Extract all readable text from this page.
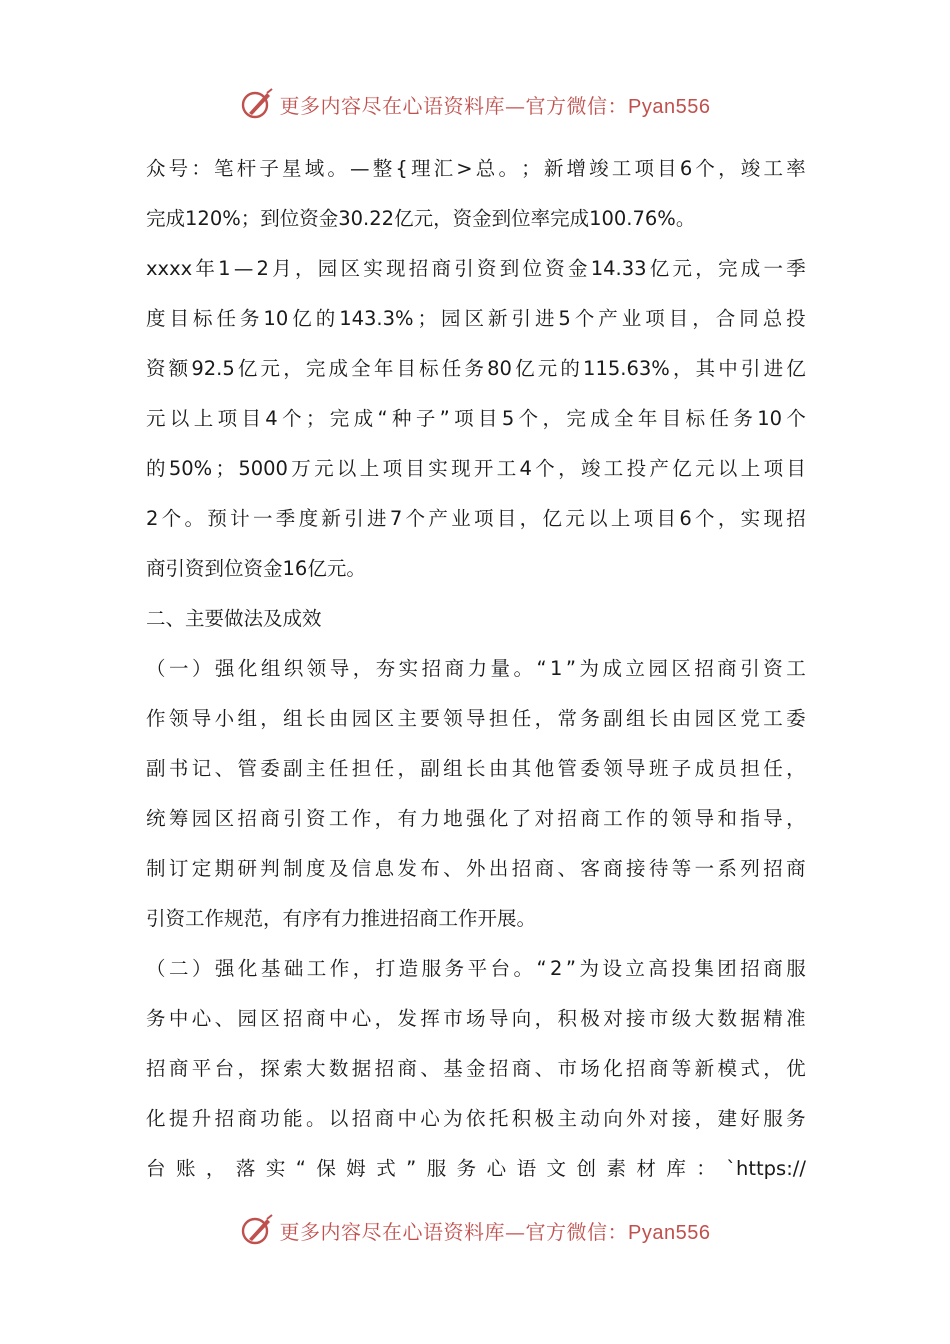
更多内容尽在心语资料库—官方微信：Pyan556
众 号 ： 笔 杆 子 星 域 。 — 整 { 理 汇 > 总 。 ； 新 增 竣 工 项 目 6 个 ， 竣 工 率
完成120%；到位资金30.22亿元，资金到位率完成100.76%。
xxxx 年 1 — 2 月 ， 园 区 实 现 招 商 引 资 到 位 资 金 14.33 亿 元 ， 完 成 一 季
度 目 标 任 务 10 亿 的 143.3% ； 园 区 新 引 进 5 个 产 业 项 目 ， 合 同 总 投
资 额 92.5 亿 元 ， 完 成 全 年 目 标 任 务 80 亿 元 的 115.63% ， 其 中 引 进 亿
元 以 上 项 目 4 个 ； 完 成 “ 种 子 ” 项 目 5 个 ， 完 成 全 年 目 标 任 务 10 个
的 50% ； 5000 万 元 以 上 项 目 实 现 开 工 4 个 ， 竣 工 投 产 亿 元 以 上 项 目
2 个 。 预 计 一 季 度 新 引 进 7 个 产 业 项 目 ， 亿 元 以 上 项 目 6 个 ， 实 现 招
商引资到位资金16亿元。
二、主要做法及成效
（ 一 ） 强 化 组 织 领 导 ， 夯 实 招 商 力 量 。 “ 1 ” 为 成 立 园 区 招 商 引 资 工
作 领 导 小 组 ， 组 长 由 园 区 主 要 领 导 担 任 ， 常 务 副 组 长 由 园 区 党 工 委
副 书 记 、 管 委 副 主 任 担 任 ， 副 组 长 由 其 他 管 委 领 导 班 子 成 员 担 任 ，
统 筹 园 区 招 商 引 资 工 作 ， 有 力 地 强 化 了 对 招 商 工 作 的 领 导 和 指 导 ，
制 订 定 期 研 判 制 度 及 信 息 发 布 、 外 出 招 商 、 客 商 接 待 等 一 系 列 招 商
引资工作规范，有序有力推进招商工作开展。
（ 二 ） 强 化 基 础 工 作 ， 打 造 服 务 平 台 。 “ 2 ” 为 设 立 高 投 集 团 招 商 服
务 中 心 、 园 区 招 商 中 心 ， 发 挥 市 场 导 向 ， 积 极 对 接 市 级 大 数 据 精 准
招 商 平 台 ， 探 索 大 数 据 招 商 、 基 金 招 商 、 市 场 化 招 商 等 新 模 式 ， 优
化 提 升 招 商 功 能 。 以 招 商 中 心 为 依 托 积 极 主 动 向 外 对 接 ， 建 好 服 务
台 账 ， 落 实 “ 保 姆 式 ” 服 务 心 语 文 创 素 材 库 ： `https://
更多内容尽在心语资料库—官方微信：Pyan556
